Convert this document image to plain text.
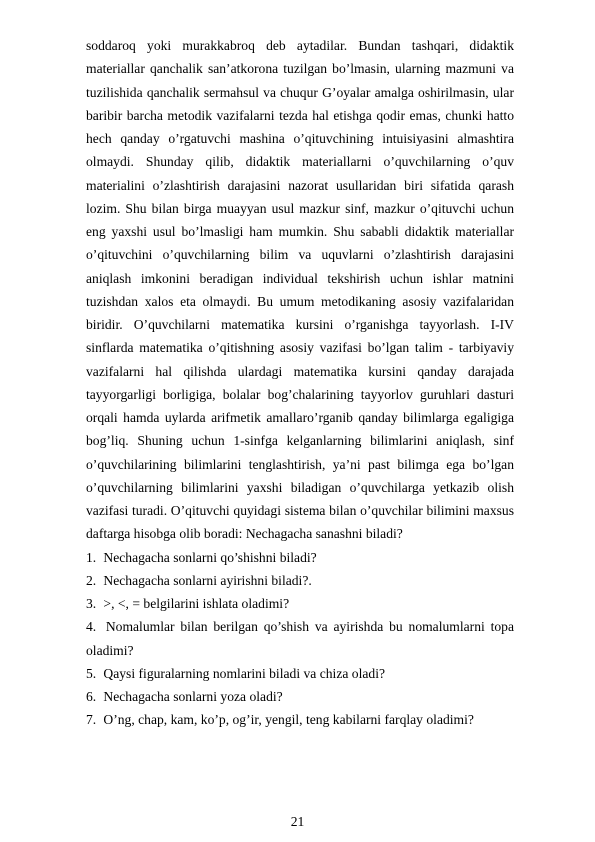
soddaroq yoki murakkabroq deb aytadilar. Bundan tashqari, didaktik materiallar qanchalik san’atkorona tuzilgan bo’lmasin, ularning mazmuni va tuzilishida qanchalik sermahsul va chuqur G’oyalar amalga oshirilmasin, ular baribir barcha metodik vazifalarni tezda hal etishga qodir emas, chunki hatto hech qanday o’rgatuvchi mashina o’qituvchining intuisiyasini almashtira olmaydi. Shunday qilib, didaktik materiallarni o’quvchilarning o’quv materialini o’zlashtirish darajasini nazorat usullaridan biri sifatida qarash lozim. Shu bilan birga muayyan usul mazkur sinf, mazkur o’qituvchi uchun eng yaxshi usul bo’lmasligi ham mumkin. Shu sababli didaktik materiallar o’qituvchini o’quvchilarning bilim va uquvlarni o’zlashtirish darajasini aniqlash imkonini beradigan individual tekshirish uchun ishlar matnini tuzishdan xalos eta olmaydi. Bu umum metodikaning asosiy vazifalaridan biridir. O’quvchilarni matematika kursini o’rganishga tayyorlash. I-IV sinflarda matematika o’qitishning asosiy vazifasi bo’lgan talim - tarbiyaviy vazifalarni hal qilishda ulardagi matematika kursini qanday darajada tayyorgarligi borligiga, bolalar bog’chalarining tayyorlov guruhlari dasturi orqali hamda uylarda arifmetik amallaro’rganib qanday bilimlarga egaligiga bog’liq. Shuning uchun 1-sinfga kelganlarning bilimlarini aniqlash, sinf o’quvchilarining bilimlarini tenglashtirish, ya’ni past bilimga ega bo’lgan o’quvchilarning bilimlarini yaxshi biladigan o’quvchilarga yetkazib olish vazifasi turadi. O’qituvchi quyidagi sistema bilan o’quvchilar bilimini maxsus daftarga hisobga olib boradi: Nechagacha sanashni biladi?

1. Nechagacha sonlarni qo’shishni biladi?
2. Nechagacha sonlarni ayirishni biladi?.
3. >, <, = belgilarini ishlata oladimi?
4. Nomalumlar bilan berilgan qo’shish va ayirishda bu nomalumlarni topa oladimi?
5. Qaysi figuralarning nomlarini biladi va chiza oladi?
6. Nechagacha sonlarni yoza oladi?
7. O’ng, chap, kam, ko’p, og’ir, yengil, teng kabilarni farqlay oladimi?
21
